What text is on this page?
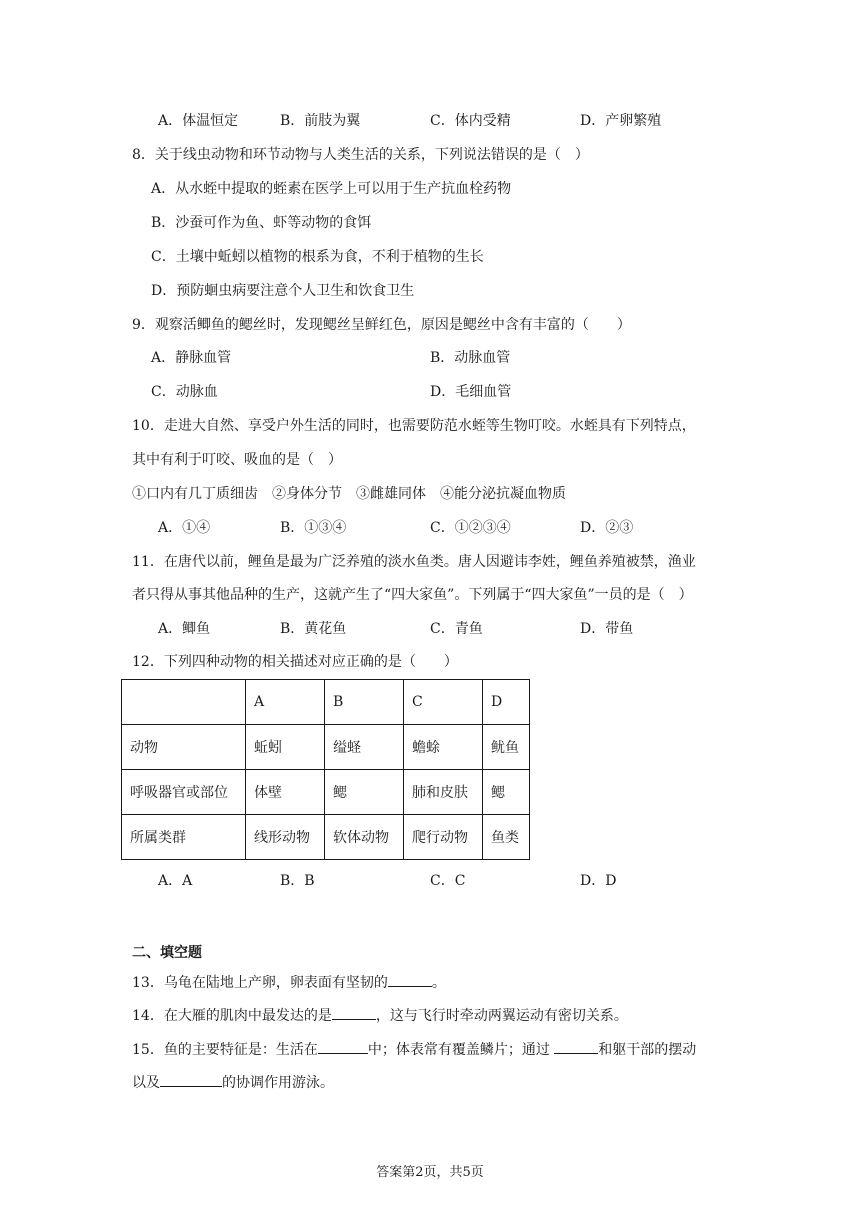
A．体温恒定	B．前肢为翼	C．体内受精	D．产卵繁殖
8．关于线虫动物和环节动物与人类生活的关系，下列说法错误的是（　）
A．从水蛭中提取的蛭素在医学上可以用于生产抗血栓药物
B．沙蚕可作为鱼、虾等动物的食饵
C．土壤中蚯蚓以植物的根系为食，不利于植物的生长
D．预防蛔虫病要注意个人卫生和饮食卫生
9．观察活鲫鱼的鳃丝时，发现鳃丝呈鲜红色，原因是鳃丝中含有丰富的（　　）
A．静脉血管	B．动脉血管
C．动脉血	D．毛细血管
10．走进大自然、享受户外生活的同时，也需要防范水蛭等生物叮咬。水蛭具有下列特点，
其中有利于叮咬、吸血的是（　）
①口内有几丁质细齿　②身体分节　③雌雄同体　④能分泌抗凝血物质
A．①④	B．①③④	C．①②③④	D．②③
11．在唐代以前，鲤鱼是最为广泛养殖的淡水鱼类。唐人因避讳李姓，鲤鱼养殖被禁，渔业
者只得从事其他品种的生产，这就产生了“四大家鱼”。下列属于“四大家鱼”一员的是（　）
A．鲫鱼	B．黄花鱼	C．青鱼	D．带鱼
12．下列四种动物的相关描述对应正确的是（　　）
	A	B	C	D
动物	蚯蚓	缢蛏	蟾蜍	鱿鱼
呼吸器官或部位	体壁	鳃	肺和皮肤	鳃
所属类群	线形动物	软体动物	爬行动物	鱼类
A．A	B．B	C．C	D．D
二、填空题
13．乌龟在陆地上产卵，卵表面有坚韧的	。
14．在大雁的肌肉中最发达的是	，这与飞行时牵动两翼运动有密切关系。
15．鱼的主要特征是：生活在	中；体表常有覆盖鳞片；通过	和躯干部的摆动
以及	的协调作用游泳。
答案第2页，共5页
